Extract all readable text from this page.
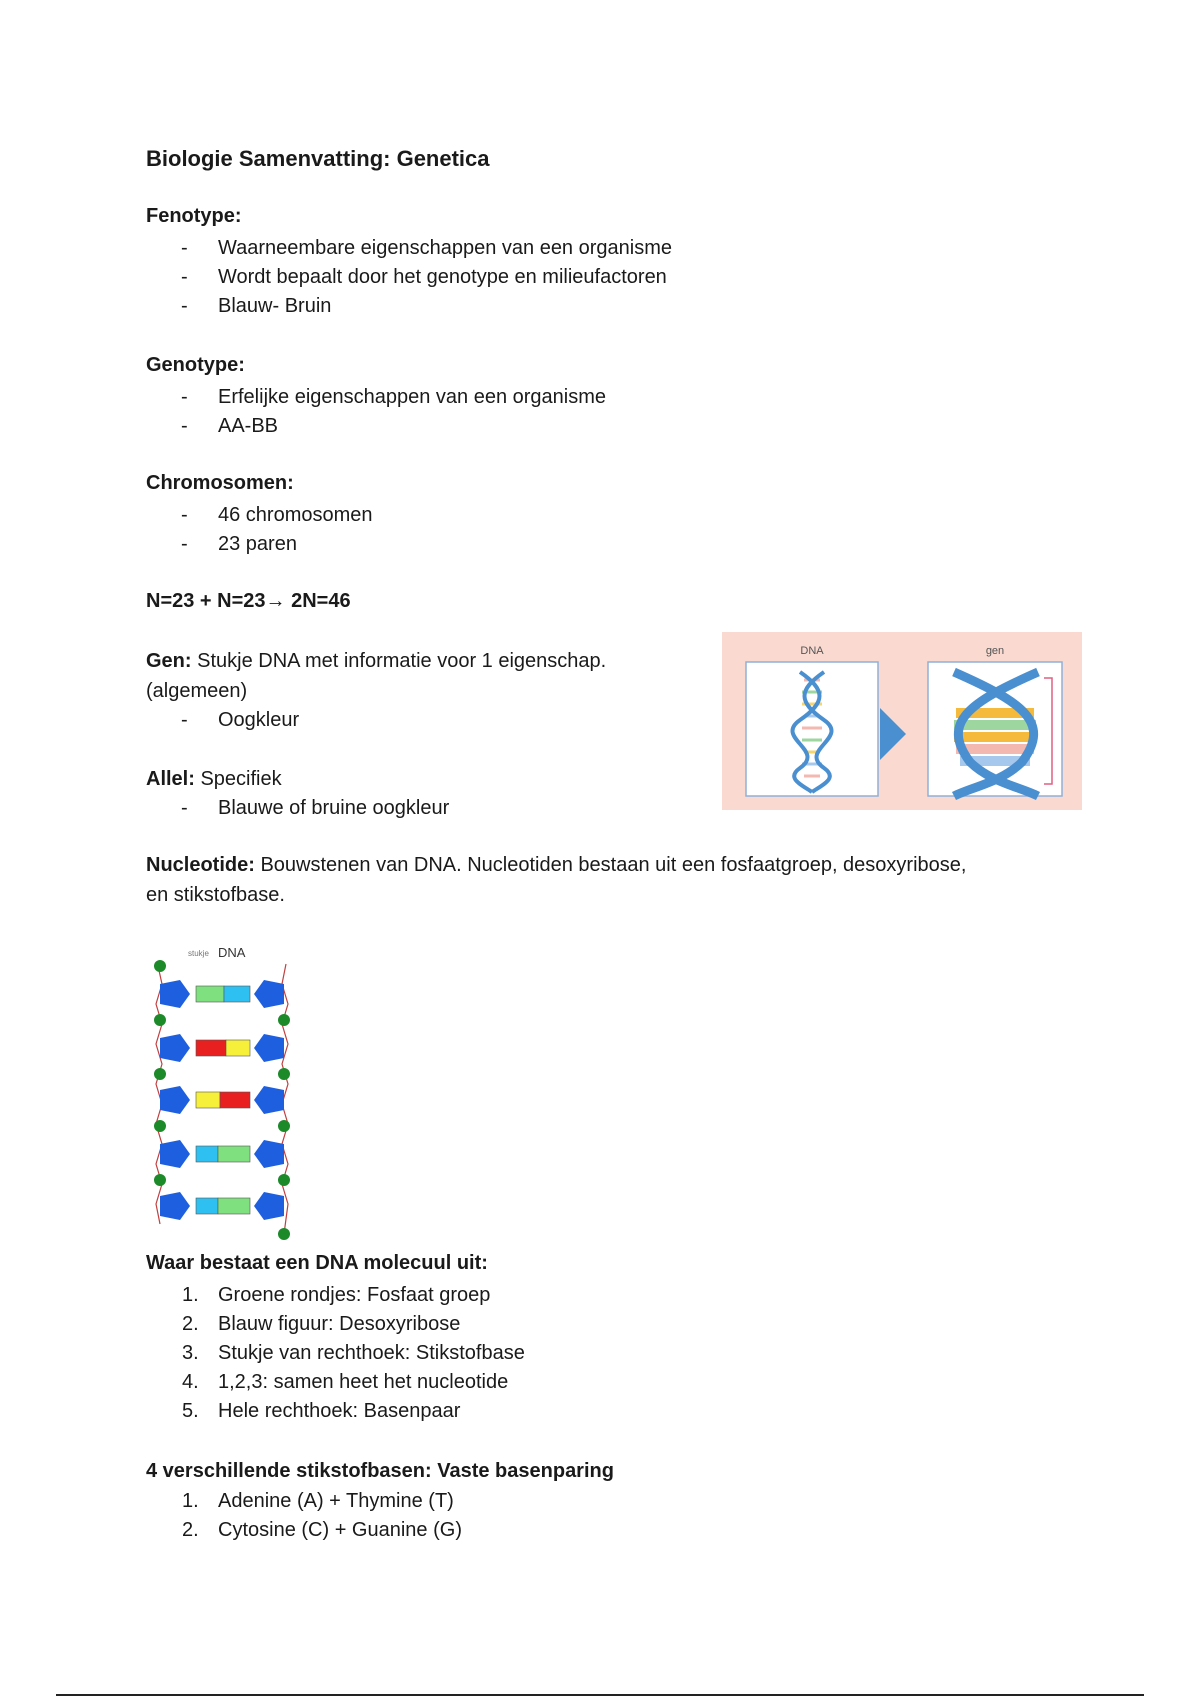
Biologie Samenvatting: Genetica
Fenotype:
- Waarneembare eigenschappen van een organisme
- Wordt bepaalt door het genotype en milieufactoren
- Blauw- Bruin
Genotype:
- Erfelijke eigenschappen van een organisme
- AA-BB
Chromosomen:
- 46 chromosomen
- 23 paren
N=23 + N=23→ 2N=46
Gen: Stukje DNA met informatie voor 1 eigenschap.
(algemeen)
- Oogkleur
Allel: Specifiek
- Blauwe of bruine oogkleur
Nucleotide: Bouwstenen van DNA. Nucleotiden bestaan uit een fosfaatgroep, desoxyribose,
en stikstofbase.
Waar bestaat een DNA molecuul uit:
1. Groene rondjes: Fosfaat groep
2. Blauw figuur: Desoxyribose
3. Stukje van rechthoek: Stikstofbase
4. 1,2,3: samen heet het nucleotide
5. Hele rechthoek: Basenpaar
4 verschillende stikstofbasen: Vaste basenparing
1. Adenine (A) + Thymine (T)
2. Cytosine (C) + Guanine (G)
DNA	gen
stukje DNA
